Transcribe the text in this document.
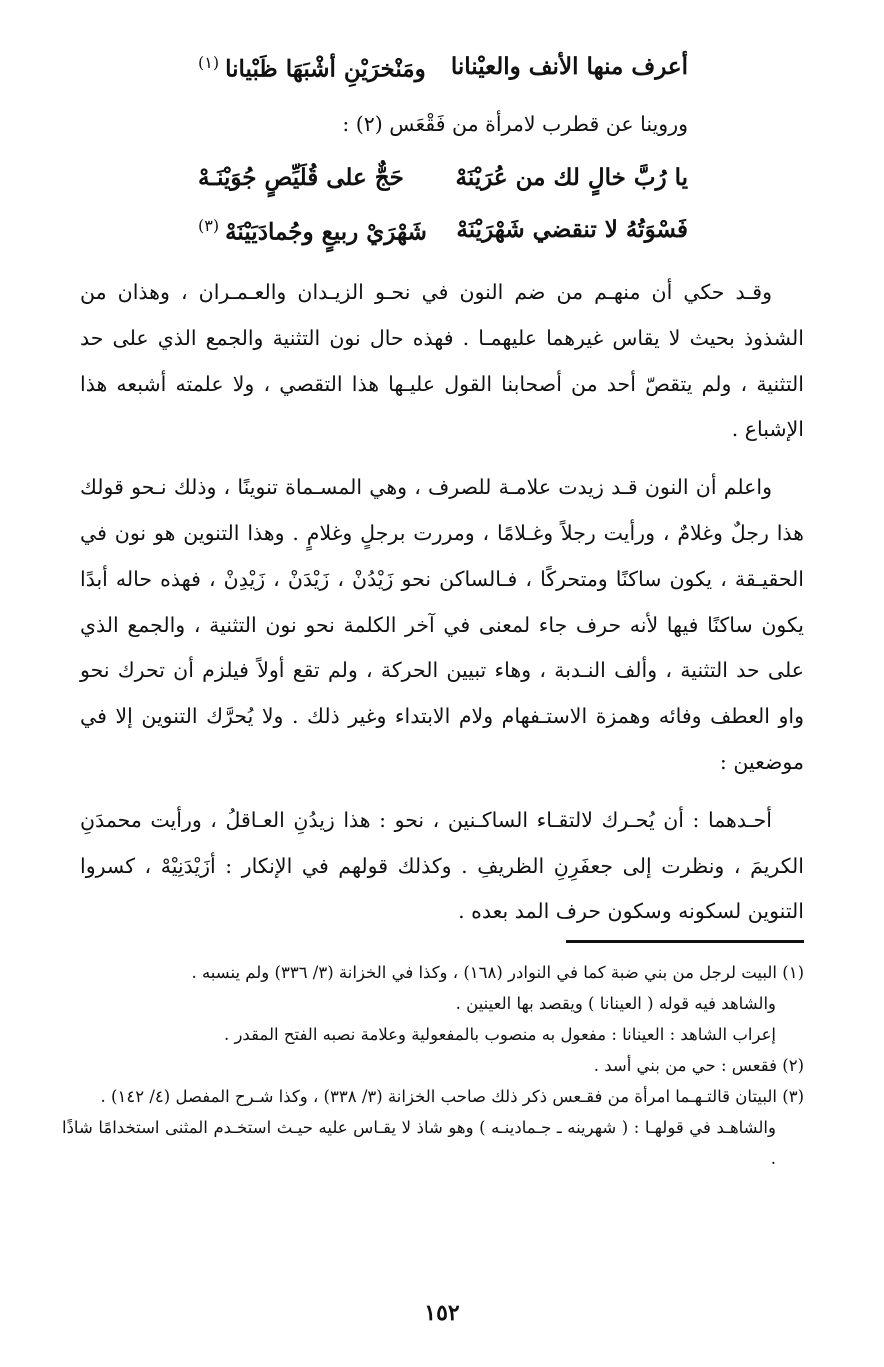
أعرف منها الأنف والعيْنانا
ومَنْخرَيْنِ أشْبَهَا ظَبْيانا$^{(١)}$
وروينا عن قطرب لامرأة من فَقْعَس (٢) :
يا رُبَّ خالٍ لك من عُرَيْنَهْ
حَجٌّ على قُلَيِّصٍ جُوَيْنَـهْ
فَسْوَتُهُ لا تنقضي شَهْرَيْنَهْ
شَهْرَيْ ربيعٍ وجُمادَيَيْنَهْ$^{(٣)}$

وقـد حكي أن منهـم من ضم النون في نحـو الزيـدان والعـمـران ، وهذان من الشذوذ بحيث لا يقاس غيرهما عليهمـا . فهذه حال نون التثنية والجمع الذي على حد التثنية ، ولم يتقصّ أحد من أصحابنا القول عليـها هذا التقصي ، ولا علمته أشبعه هذا الإشباع .

واعلم أن النون قـد زيدت علامـة للصرف ، وهي المسـماة تنوينًا ، وذلك نـحو قولك هذا رجلٌ وغلامٌ ، ورأيت رجلاً وغـلامًا ، ومررت برجلٍ وغلامٍ . وهذا التنوين هو نون في الحقيـقة ، يكون ساكنًا ومتحركًا ، فـالساكن نحو زَيْدُنْ ، زَيْدَنْ ، زَيْدِنْ ، فهذه حاله أبدًا يكون ساكنًا فيها لأنه حرف جاء لمعنى في آخر الكلمة نحو نون التثنية ، والجمع الذي على حد التثنية ، وألف النـدبة ، وهاء تبيين الحركة ، ولم تقع أولاً فيلزم أن تحرك نحو واو العطف وفائه وهمزة الاستـفهام ولام الابتداء وغير ذلك . ولا يُحرَّك التنوين إلا في موضعين :

أحـدهما : أن يُحـرك لالتقـاء الساكـنين ، نحو : هذا زيدُنِ العـاقلُ ، ورأيت محمدَنِ الكريمَ ، ونظرت إلى جعفَرِنِ الظريفِ . وكذلك قولهم في الإنكار : أزَيْدَنِيْهْ ، كسروا التنوين لسكونه وسكون حرف المد بعده .

(١) البيت لرجل من بني ضبة كما في النوادر (١٦٨) ، وكذا في الخزانة (٣/ ٣٣٦) ولم ينسبه .

والشاهد فيه قوله ( العينانا ) ويقصد بها العينين .

إعراب الشاهد : العينانا : مفعول به منصوب بالمفعولية وعلامة نصبه الفتح المقدر .

(٢) فقعس : حي من بني أسد .

(٣) البيتان قالتـهـما امرأة من فقـعس ذكر ذلك صاحب الخزانة (٣/ ٣٣٨) ، وكذا شـرح المفصل (٤/ ١٤٢) .

والشاهـد في قولهـا : ( شهرينه ـ جـمادينـه ) وهو شاذ لا يقـاس عليه حيـث استخـدم المثنى استخدامًا شاذًا .

١٥٢
